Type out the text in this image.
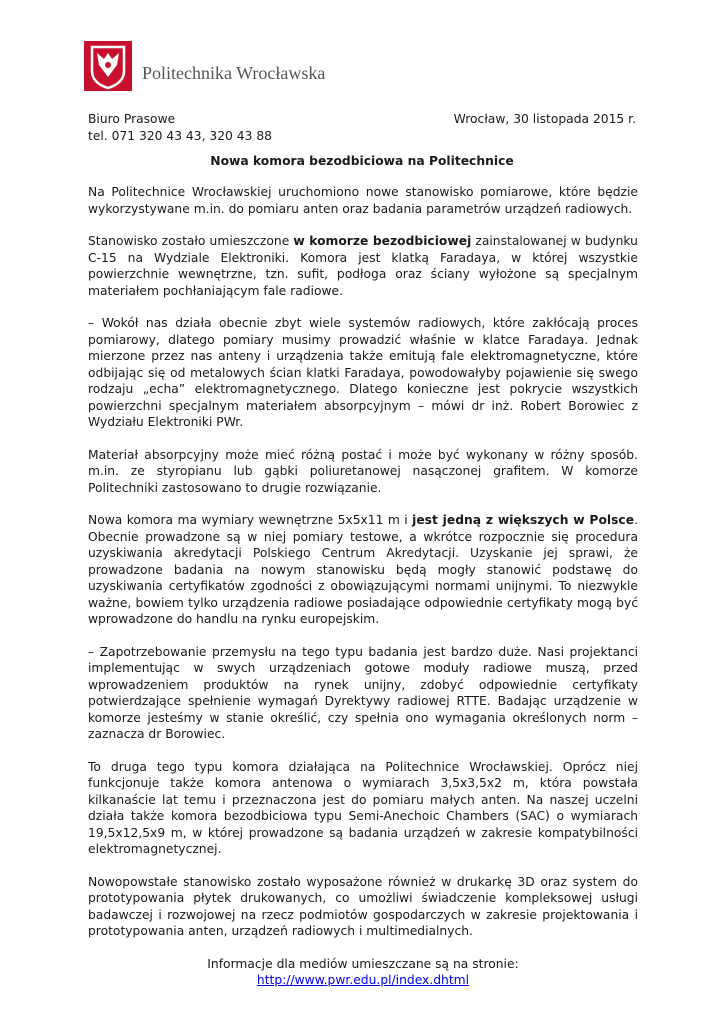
Politechnika Wrocławska
Biuro Prasowe	Wrocław, 30 listopada 2015 r.
tel. 071 320 43 43, 320 43 88
Nowa komora bezodbiciowa na Politechnice

Na Politechnice Wrocławskiej uruchomiono nowe stanowisko pomiarowe, które będzie wykorzystywane m.in. do pomiaru anten oraz badania parametrów urządzeń radiowych.

Stanowisko zostało umieszczone w komorze bezodbiciowej zainstalowanej w budynku C-15 na Wydziale Elektroniki. Komora jest klatką Faradaya, w której wszystkie powierzchnie wewnętrzne, tzn. sufit, podłoga oraz ściany wyłożone są specjalnym materiałem pochłaniającym fale radiowe.

– Wokół nas działa obecnie zbyt wiele systemów radiowych, które zakłócają proces pomiarowy, dlatego pomiary musimy prowadzić właśnie w klatce Faradaya. Jednak mierzone przez nas anteny i urządzenia także emitują fale elektromagnetyczne, które odbijając się od metalowych ścian klatki Faradaya, powodowałyby pojawienie się swego rodzaju „echa” elektromagnetycznego. Dlatego konieczne jest pokrycie wszystkich powierzchni specjalnym materiałem absorpcyjnym – mówi dr inż. Robert Borowiec z Wydziału Elektroniki PWr.

Materiał absorpcyjny może mieć różną postać i może być wykonany w różny sposób. m.in. ze styropianu lub gąbki poliuretanowej nasączonej grafitem. W komorze Politechniki zastosowano to drugie rozwiązanie.

Nowa komora ma wymiary wewnętrzne 5x5x11 m i jest jedną z większych w Polsce. Obecnie prowadzone są w niej pomiary testowe, a wkrótce rozpocznie się procedura uzyskiwania akredytacji Polskiego Centrum Akredytacji. Uzyskanie jej sprawi, że prowadzone badania na nowym stanowisku będą mogły stanowić podstawę do uzyskiwania certyfikatów zgodności z obowiązującymi normami unijnymi. To niezwykle ważne, bowiem tylko urządzenia radiowe posiadające odpowiednie certyfikaty mogą być wprowadzone do handlu na rynku europejskim.

– Zapotrzebowanie przemysłu na tego typu badania jest bardzo duże. Nasi projektanci implementując w swych urządzeniach gotowe moduły radiowe muszą, przed wprowadzeniem produktów na rynek unijny, zdobyć odpowiednie certyfikaty potwierdzające spełnienie wymagań Dyrektywy radiowej RTTE. Badając urządzenie w komorze jesteśmy w stanie określić, czy spełnia ono wymagania określonych norm – zaznacza dr Borowiec.

To druga tego typu komora działająca na Politechnice Wrocławskiej. Oprócz niej funkcjonuje także komora antenowa o wymiarach 3,5x3,5x2 m, która powstała kilkanaście lat temu i przeznaczona jest do pomiaru małych anten. Na naszej uczelni działa także komora bezodbiciowa typu Semi-Anechoic Chambers (SAC) o wymiarach 19,5x12,5x9 m, w której prowadzone są badania urządzeń w zakresie kompatybilności elektromagnetycznej.

Nowopowstałe stanowisko zostało wyposażone również w drukarkę 3D oraz system do prototypowania płytek drukowanych, co umożliwi świadczenie kompleksowej usługi badawczej i rozwojowej na rzecz podmiotów gospodarczych w zakresie projektowania i prototypowania anten, urządzeń radiowych i multimedialnych.

Informacje dla mediów umieszczane są na stronie:
http://www.pwr.edu.pl/index.dhtml
